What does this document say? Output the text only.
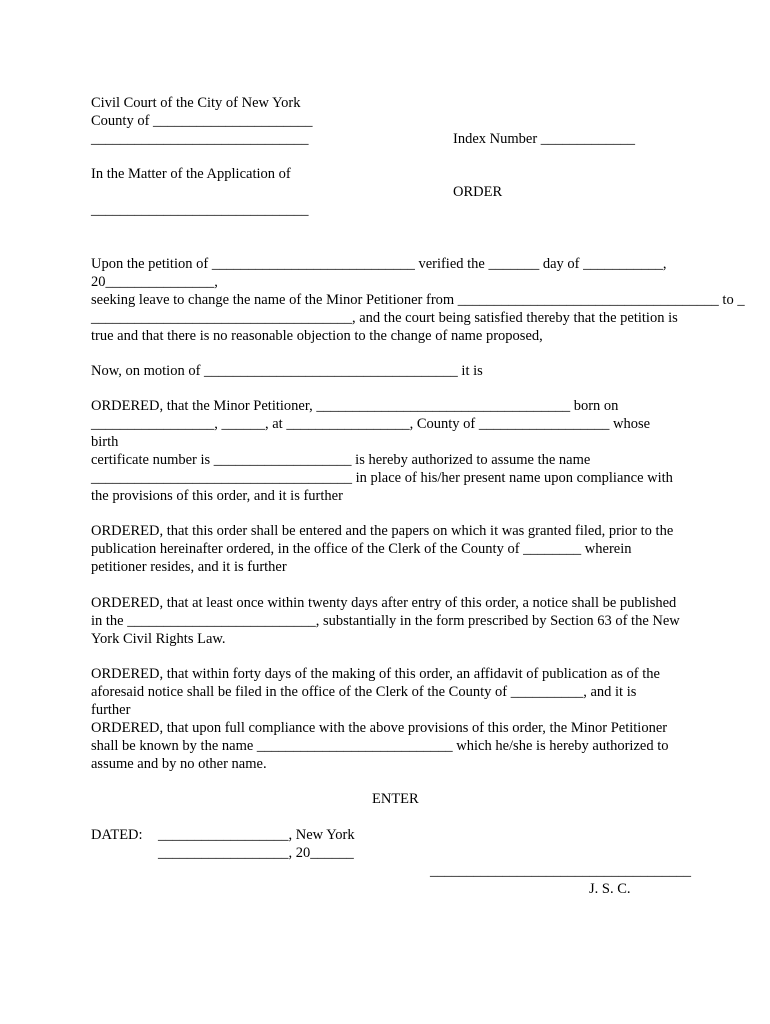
Civil Court of the City of New York
County of ______________________
______________________________	Index Number _____________
In the Matter of the Application of
ORDER
______________________________
Upon the petition of ____________________________ verified the _______ day of ___________,
20_______________,
seeking leave to change the name of the Minor Petitioner from ____________________________________ to _
____________________________________, and the court being satisfied thereby that the petition is
true and that there is no reasonable objection to the change of name proposed,
Now, on motion of ___________________________________ it is
ORDERED, that the Minor Petitioner, ___________________________________ born on
_________________, ______, at _________________, County of __________________ whose
birth
certificate number is ___________________ is hereby authorized to assume the name
____________________________________ in place of his/her present name upon compliance with
the provisions of this order, and it is further
ORDERED, that this order shall be entered and the papers on which it was granted filed, prior to the
publication hereinafter ordered, in the office of the Clerk of the County of ________ wherein
petitioner resides, and it is further
ORDERED, that at least once within twenty days after entry of this order, a notice shall be published
in the __________________________, substantially in the form prescribed by Section 63 of the New
York Civil Rights Law.
ORDERED, that within forty days of the making of this order, an affidavit of publication as of the
aforesaid notice shall be filed in the office of the Clerk of the County of __________, and it is
further
ORDERED, that upon full compliance with the above provisions of this order, the Minor Petitioner
shall be known by the name ___________________________ which he/she is hereby authorized to
assume and by no other name.
ENTER
DATED: __________________, New York
__________________, 20______
____________________________________
J. S. C.
